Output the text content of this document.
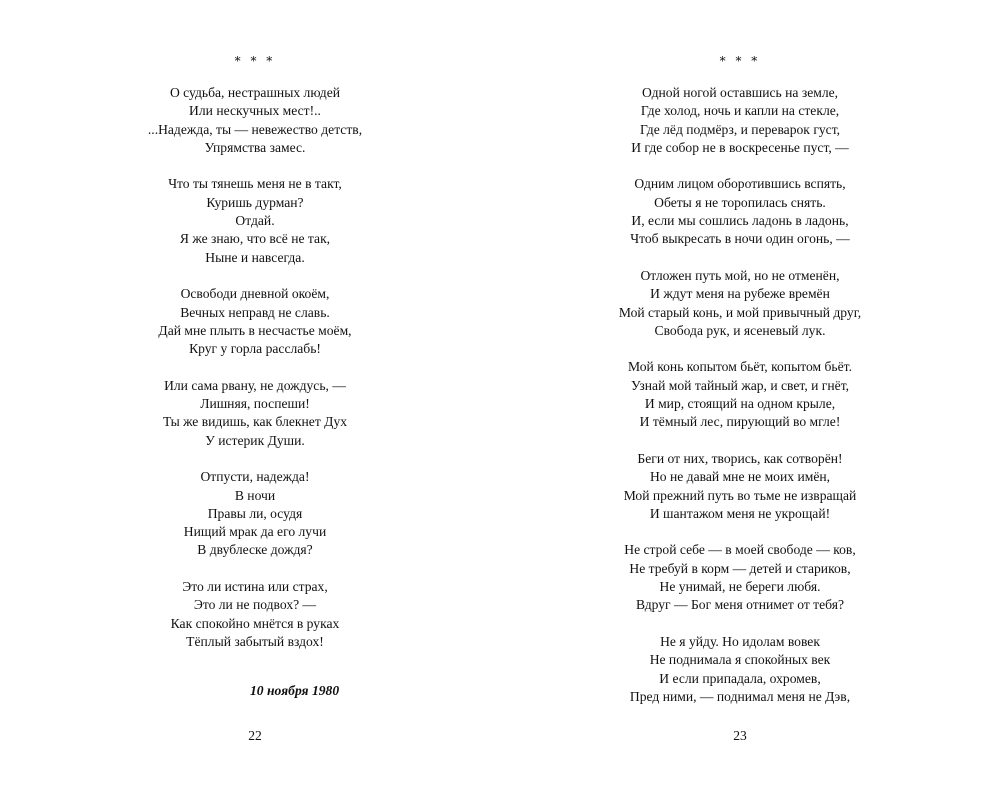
* * *
О судьба, нестрашных людей
Или нескучных мест!..
...Надежда, ты — невежество детств,
Упрямства замес.
Что ты тянешь меня не в такт,
Куришь дурман?
Отдай.
Я же знаю, что всё не так,
Ныне и навсегда.
Освободи дневной окоём,
Вечных неправд не славь.
Дай мне плыть в несчастье моём,
Круг у горла расслабь!
Или сама рвану, не дождусь, —
Лишняя, поспеши!
Ты же видишь, как блекнет Дух
У истерик Души.
Отпусти, надежда!
В ночи
Правы ли, осудя
Нищий мрак да его лучи
В двублеске дождя?
Это ли истина или страх,
Это ли не подвох? —
Как спокойно мнётся в руках
Тёплый забытый вздох!
10 ноября 1980
22
* * *
Одной ногой оставшись на земле,
Где холод, ночь и капли на стекле,
Где лёд подмёрз, и переварок густ,
И где собор не в воскресенье пуст, —
Одним лицом оборотившись вспять,
Обеты я не торопилась снять.
И, если мы сошлись ладонь в ладонь,
Чтоб выкресать в ночи один огонь, —
Отложен путь мой, но не отменён,
И ждут меня на рубеже времён
Мой старый конь, и мой привычный друг,
Свобода рук, и ясеневый лук.
Мой конь копытом бьёт, копытом бьёт.
Узнай мой тайный жар, и свет, и гнёт,
И мир, стоящий на одном крыле,
И тёмный лес, пирующий во мгле!
Беги от них, творись, как сотворён!
Но не давай мне не моих имён,
Мой прежний путь во тьме не извращай
И шантажом меня не укрощай!
Не строй себе — в моей свободе — ков,
Не требуй в корм — детей и стариков,
Не унимай, не береги любя.
Вдруг — Бог меня отнимет от тебя?
Не я уйду. Но идолам вовек
Не поднимала я спокойных век
И если припадала, охромев,
Пред ними, — поднимал меня не Дэв,
23
